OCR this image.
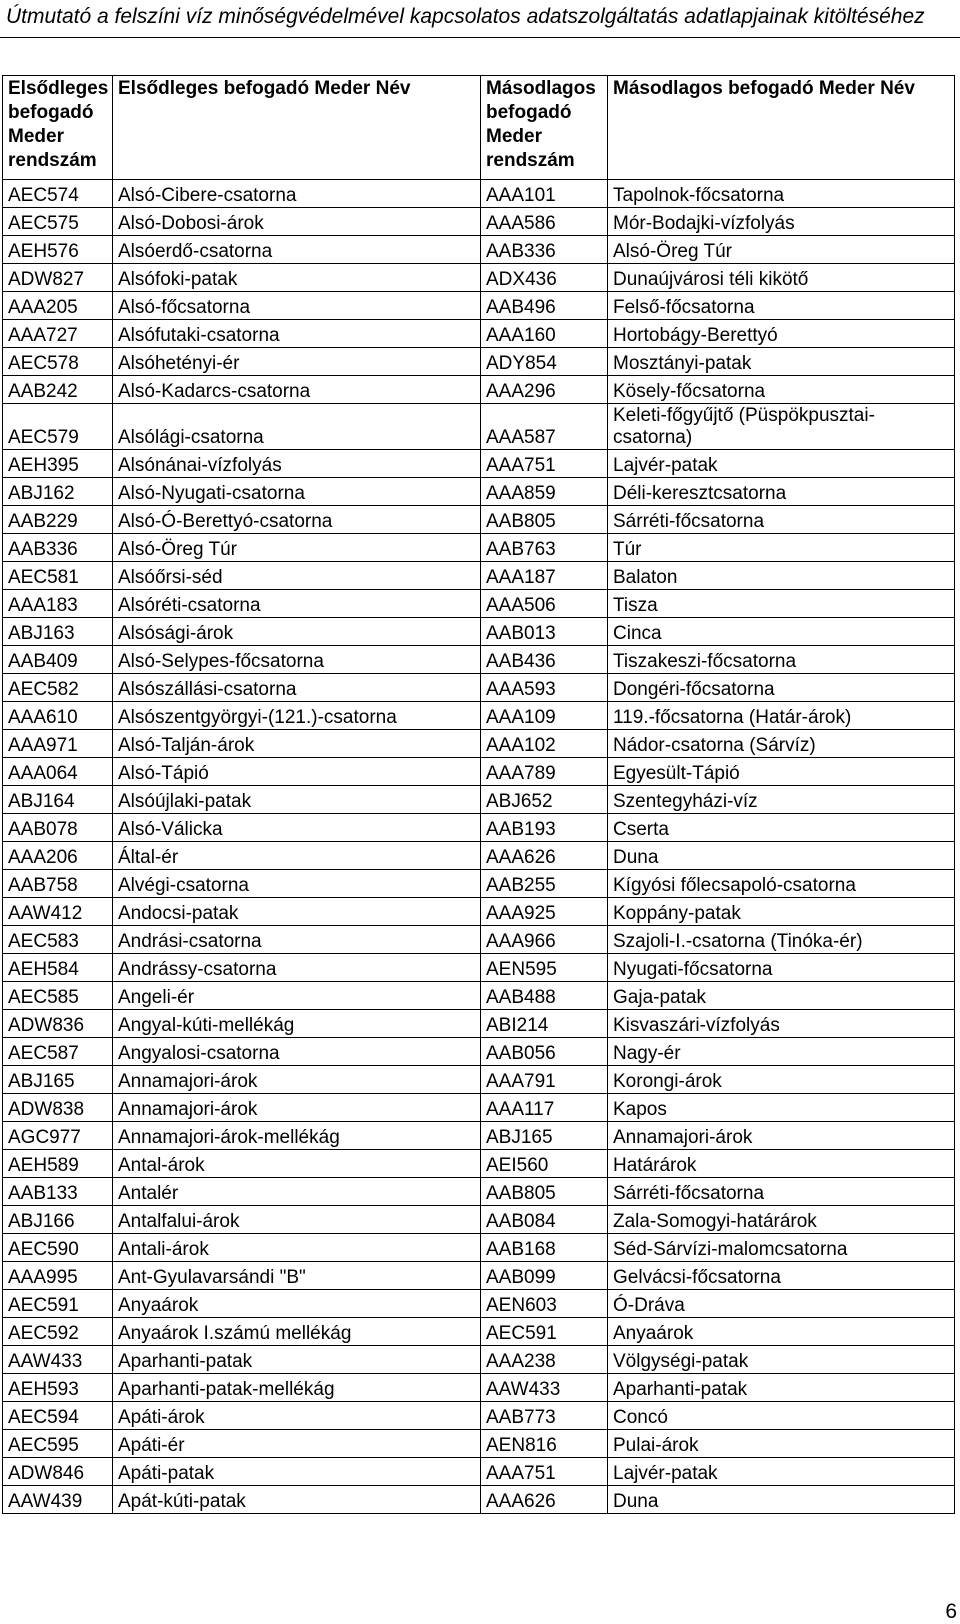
Útmutató a felszíni víz minőségvédelmével kapcsolatos adatszolgáltatás adatlapjainak kitöltéséhez
Elsődleges befogadó Meder rendszám	Elsődleges befogadó Meder Név	Másodlagos befogadó Meder rendszám	Másodlagos befogadó Meder Név
AEC574	Alsó-Cibere-csatorna	AAA101	Tapolnok-főcsatorna
AEC575	Alsó-Dobosi-árok	AAA586	Mór-Bodajki-vízfolyás
AEH576	Alsóerdő-csatorna	AAB336	Alsó-Öreg Túr
ADW827	Alsófoki-patak	ADX436	Dunaújvárosi téli kikötő
AAA205	Alsó-főcsatorna	AAB496	Felső-főcsatorna
AAA727	Alsófutaki-csatorna	AAA160	Hortobágy-Berettyó
AEC578	Alsóhetényi-ér	ADY854	Mosztányi-patak
AAB242	Alsó-Kadarcs-csatorna	AAA296	Kösely-főcsatorna
AEC579	Alsólági-csatorna	AAA587	Keleti-főgyűjtő (Püspökpusztai-csatorna)
AEH395	Alsónánai-vízfolyás	AAA751	Lajvér-patak
ABJ162	Alsó-Nyugati-csatorna	AAA859	Déli-keresztcsatorna
AAB229	Alsó-Ó-Berettyó-csatorna	AAB805	Sárréti-főcsatorna
AAB336	Alsó-Öreg Túr	AAB763	Túr
AEC581	Alsóőrsi-séd	AAA187	Balaton
AAA183	Alsóréti-csatorna	AAA506	Tisza
ABJ163	Alsósági-árok	AAB013	Cinca
AAB409	Alsó-Selypes-főcsatorna	AAB436	Tiszakeszi-főcsatorna
AEC582	Alsószállási-csatorna	AAA593	Dongéri-főcsatorna
AAA610	Alsószentgyörgyi-(121.)-csatorna	AAA109	119.-főcsatorna (Határ-árok)
AAA971	Alsó-Talján-árok	AAA102	Nádor-csatorna (Sárvíz)
AAA064	Alsó-Tápió	AAA789	Egyesült-Tápió
ABJ164	Alsóújlaki-patak	ABJ652	Szentegyházi-víz
AAB078	Alsó-Válicka	AAB193	Cserta
AAA206	Által-ér	AAA626	Duna
AAB758	Alvégi-csatorna	AAB255	Kígyósi főlecsapoló-csatorna
AAW412	Andocsi-patak	AAA925	Koppány-patak
AEC583	Andrási-csatorna	AAA966	Szajoli-I.-csatorna (Tinóka-ér)
AEH584	Andrássy-csatorna	AEN595	Nyugati-főcsatorna
AEC585	Angeli-ér	AAB488	Gaja-patak
ADW836	Angyal-kúti-mellékág	ABI214	Kisvaszári-vízfolyás
AEC587	Angyalosi-csatorna	AAB056	Nagy-ér
ABJ165	Annamajori-árok	AAA791	Korongi-árok
ADW838	Annamajori-árok	AAA117	Kapos
AGC977	Annamajori-árok-mellékág	ABJ165	Annamajori-árok
AEH589	Antal-árok	AEI560	Határárok
AAB133	Antalér	AAB805	Sárréti-főcsatorna
ABJ166	Antalfalui-árok	AAB084	Zala-Somogyi-határárok
AEC590	Antali-árok	AAB168	Séd-Sárvízi-malomcsatorna
AAA995	Ant-Gyulavarsándi "B"	AAB099	Gelvácsi-főcsatorna
AEC591	Anyaárok	AEN603	Ó-Dráva
AEC592	Anyaárok I.számú mellékág	AEC591	Anyaárok
AAW433	Aparhanti-patak	AAA238	Völgységi-patak
AEH593	Aparhanti-patak-mellékág	AAW433	Aparhanti-patak
AEC594	Apáti-árok	AAB773	Concó
AEC595	Apáti-ér	AEN816	Pulai-árok
ADW846	Apáti-patak	AAA751	Lajvér-patak
AAW439	Apát-kúti-patak	AAA626	Duna
6
